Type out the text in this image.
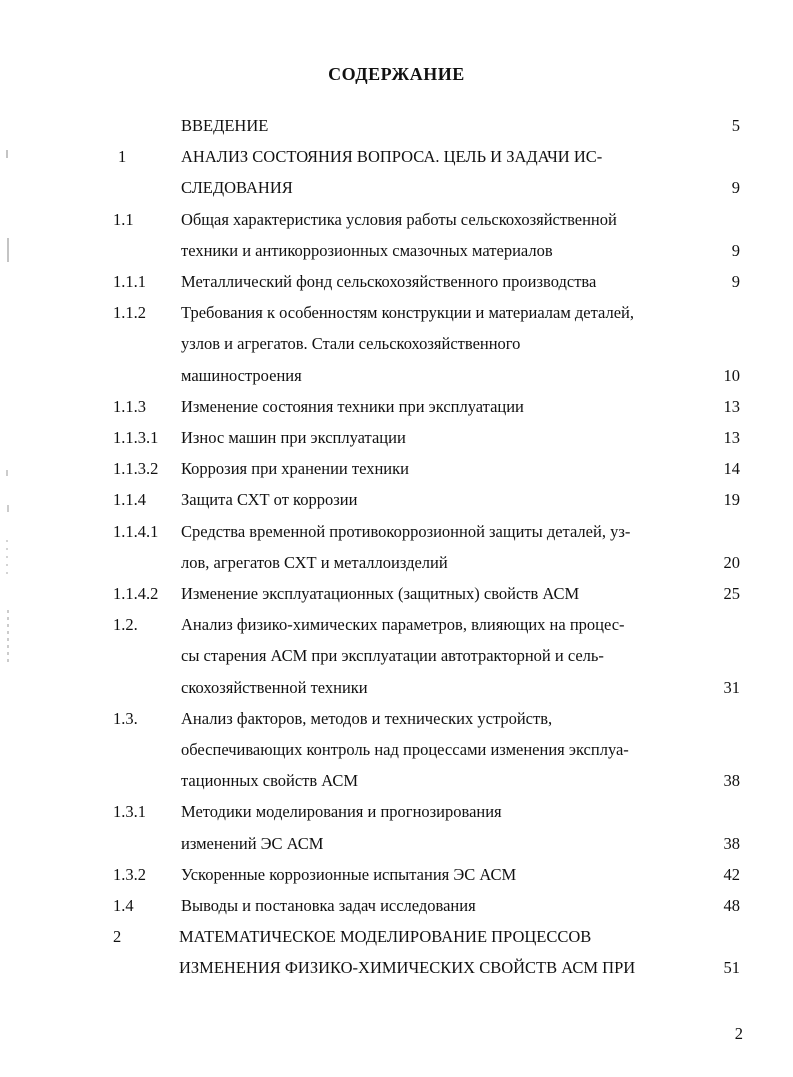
СОДЕРЖАНИЕ
ВВЕДЕНИЕ	5
1	АНАЛИЗ СОСТОЯНИЯ ВОПРОСА. ЦЕЛЬ И ЗАДАЧИ ИС-
СЛЕДОВАНИЯ	9
1.1	Общая характеристика условия работы сельскохозяйственной
техники и антикоррозионных смазочных материалов	9
1.1.1	Металлический фонд сельскохозяйственного производства	9
1.1.2	Требования к особенностям конструкции и материалам деталей,
узлов и агрегатов. Стали сельскохозяйственного
машиностроения	10
1.1.3	Изменение состояния техники при эксплуатации	13
1.1.3.1	Износ машин при эксплуатации	13
1.1.3.2	Коррозия при хранении техники	14
1.1.4	Защита СХТ от коррозии	19
1.1.4.1	Средства временной противокоррозионной защиты деталей, уз-
лов, агрегатов СХТ и металлоизделий	20
1.1.4.2	Изменение эксплуатационных (защитных) свойств АСМ	25
1.2.	Анализ физико-химических параметров, влияющих на процес-
сы старения АСМ при эксплуатации автотракторной и сель-
скохозяйственной техники	31
1.3.	Анализ факторов, методов и технических устройств,
обеспечивающих контроль над процессами изменения эксплуа-
тационных свойств АСМ	38
1.3.1	Методики моделирования и прогнозирования
изменений ЭС АСМ	38
1.3.2	Ускоренные коррозионные испытания ЭС АСМ	42
1.4	Выводы и постановка задач исследования	48
2	МАТЕМАТИЧЕСКОЕ МОДЕЛИРОВАНИЕ ПРОЦЕССОВ
ИЗМЕНЕНИЯ ФИЗИКО-ХИМИЧЕСКИХ СВОЙСТВ АСМ ПРИ	51
2
